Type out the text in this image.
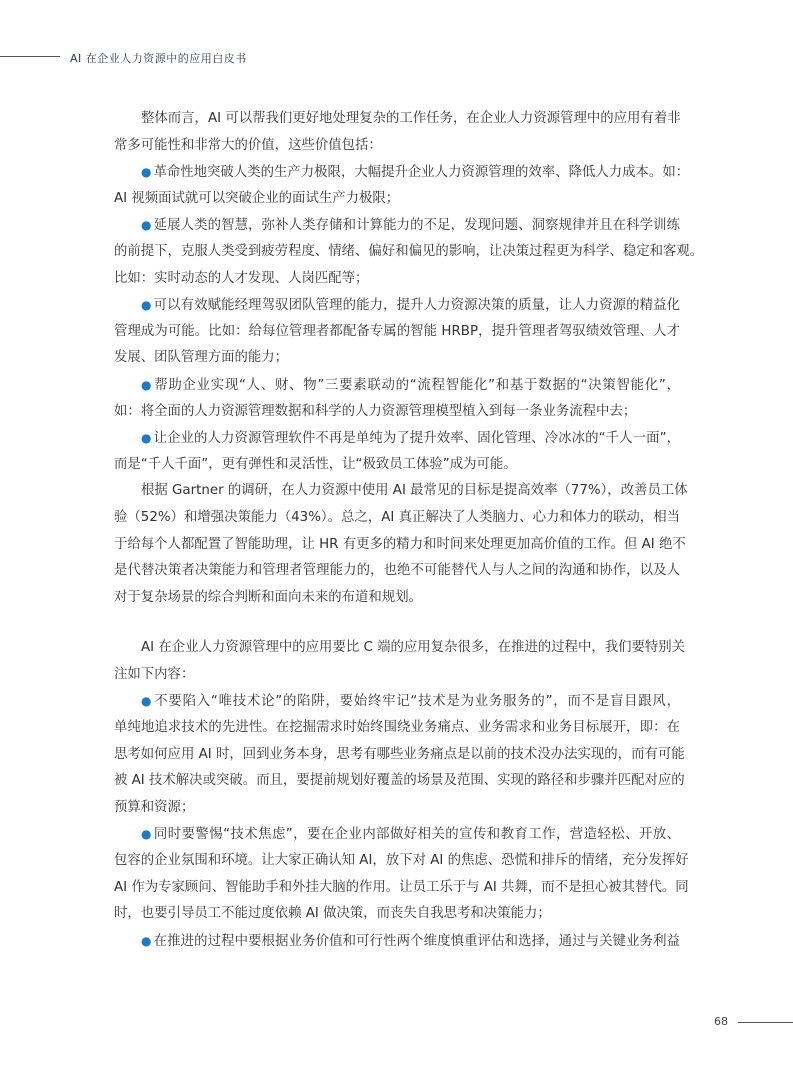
AI 在企业人力资源中的应用白皮书
整体而言，AI 可以帮我们更好地处理复杂的工作任务，在企业人力资源管理中的应用有着非
常多可能性和非常大的价值，这些价值包括：
● 革命性地突破人类的生产力极限，大幅提升企业人力资源管理的效率、降低人力成本。如：
AI 视频面试就可以突破企业的面试生产力极限；
● 延展人类的智慧，弥补人类存储和计算能力的不足，发现问题、洞察规律并且在科学训练
的前提下，克服人类受到疲劳程度、情绪、偏好和偏见的影响，让决策过程更为科学、稳定和客观。
比如：实时动态的人才发现、人岗匹配等；
● 可以有效赋能经理驾驭团队管理的能力，提升人力资源决策的质量，让人力资源的精益化
管理成为可能。比如：给每位管理者都配备专属的智能 HRBP，提升管理者驾驭绩效管理、人才
发展、团队管理方面的能力；
● 帮助企业实现“人、财、物”三要素联动的“流程智能化”和基于数据的“决策智能化”，
如：将全面的人力资源管理数据和科学的人力资源管理模型植入到每一条业务流程中去；
● 让企业的人力资源管理软件不再是单纯为了提升效率、固化管理、冷冰冰的“千人一面”，
而是“千人千面”，更有弹性和灵活性，让“极致员工体验”成为可能。
根据 Gartner 的调研，在人力资源中使用 AI 最常见的目标是提高效率（77%），改善员工体
验（52%）和增强决策能力（43%）。总之，AI 真正解决了人类脑力、心力和体力的联动，相当
于给每个人都配置了智能助理，让 HR 有更多的精力和时间来处理更加高价值的工作。但 AI 绝不
是代替决策者决策能力和管理者管理能力的，也绝不可能替代人与人之间的沟通和协作，以及人
对于复杂场景的综合判断和面向未来的布道和规划。
AI 在企业人力资源管理中的应用要比 C 端的应用复杂很多，在推进的过程中，我们要特别关
注如下内容：
● 不要陷入“唯技术论”的陷阱，要始终牢记“技术是为业务服务的”，而不是盲目跟风，
单纯地追求技术的先进性。在挖掘需求时始终围绕业务痛点、业务需求和业务目标展开，即：在
思考如何应用 AI 时，回到业务本身，思考有哪些业务痛点是以前的技术没办法实现的，而有可能
被 AI 技术解决或突破。而且，要提前规划好覆盖的场景及范围、实现的路径和步骤并匹配对应的
预算和资源；
● 同时要警惕“技术焦虑”，要在企业内部做好相关的宣传和教育工作，营造轻松、开放、
包容的企业氛围和环境。让大家正确认知 AI，放下对 AI 的焦虑、恐慌和排斥的情绪，充分发挥好
AI 作为专家顾问、智能助手和外挂大脑的作用。让员工乐于与 AI 共舞，而不是担心被其替代。同
时，也要引导员工不能过度依赖 AI 做决策，而丧失自我思考和决策能力；
● 在推进的过程中要根据业务价值和可行性两个维度慎重评估和选择，通过与关键业务利益
68
